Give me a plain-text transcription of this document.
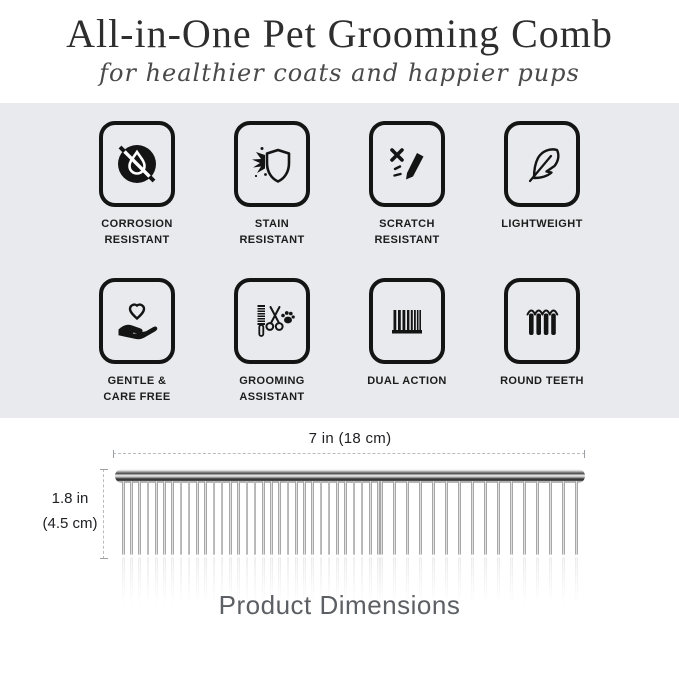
All-in-One Pet Grooming Comb
for healthier coats and happier pups
CORROSION
RESISTANT
STAIN
RESISTANT
SCRATCH
RESISTANT
LIGHTWEIGHT
GENTLE &
CARE FREE
GROOMING
ASSISTANT
DUAL ACTION	ROUND TEETH
7 in (18 cm)
1.8 in
(4.5 cm)
Product Dimensions
